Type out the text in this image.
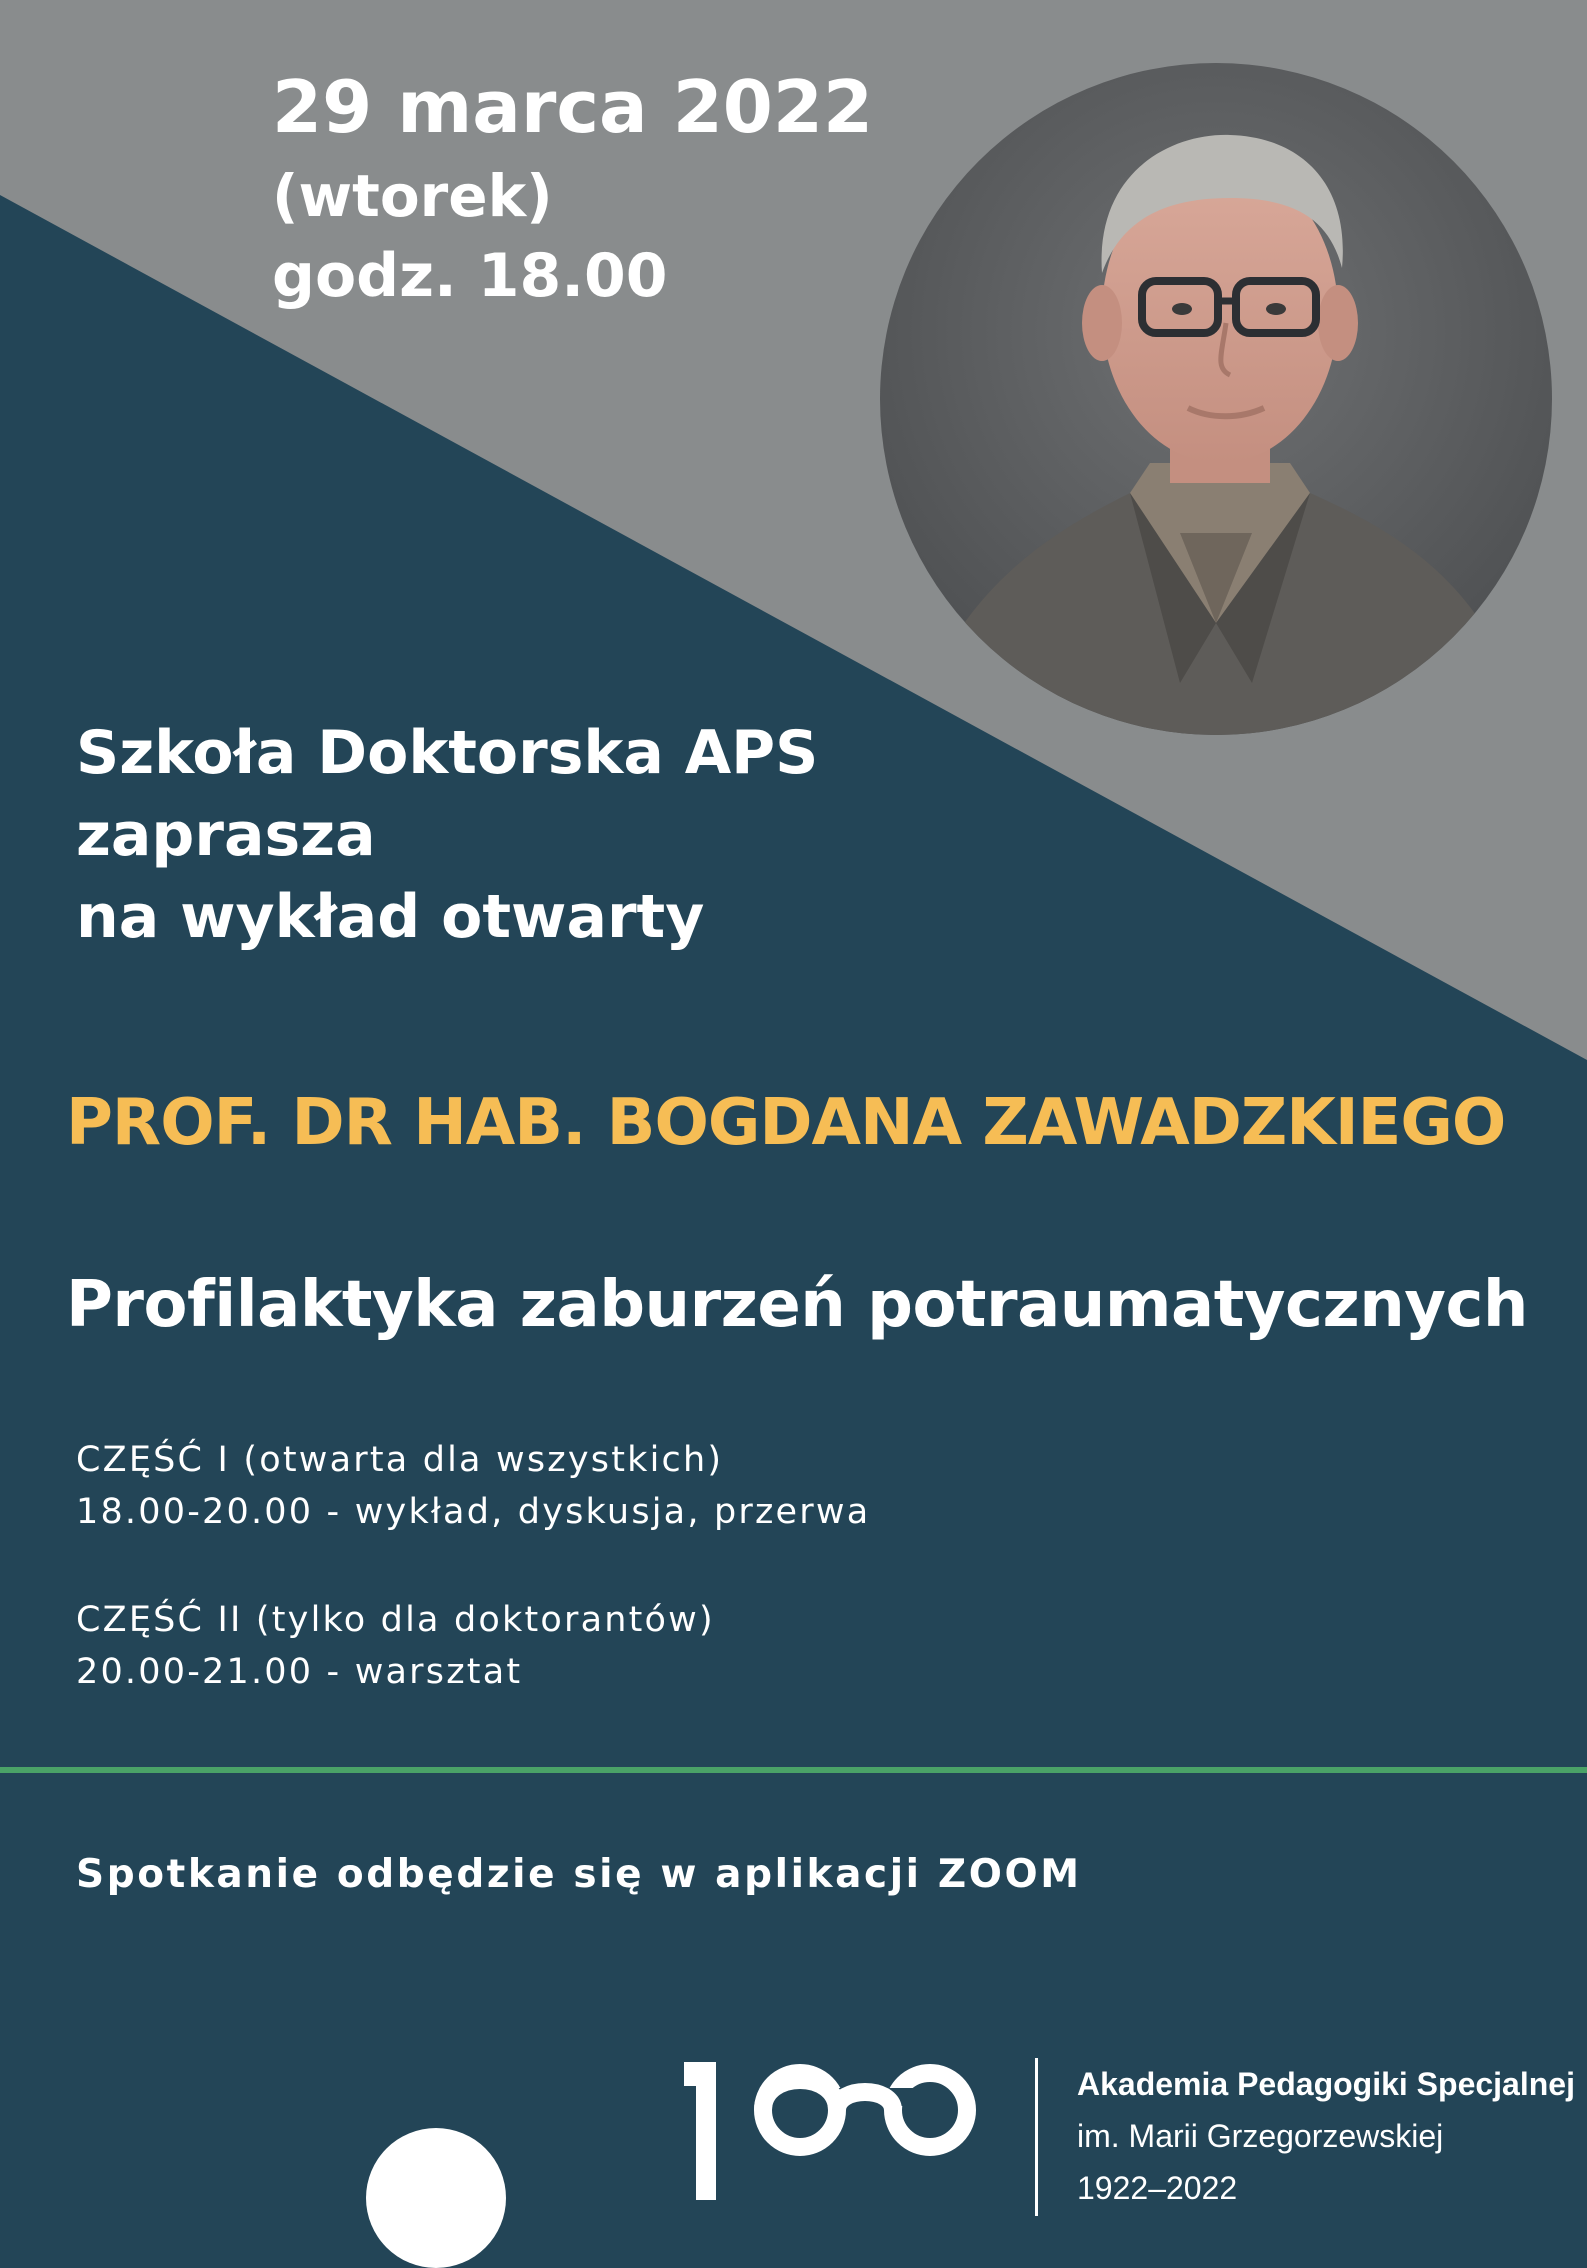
29 marca 2022
(wtorek)
godz. 18.00
Szkoła Doktorska APS
zaprasza
na wykład otwarty
PROF. DR HAB. BOGDANA ZAWADZKIEGO
Profilaktyka zaburzeń potraumatycznych
CZĘŚĆ I (otwarta dla wszystkich)
18.00-20.00 - wykład, dyskusja, przerwa
CZĘŚĆ II (tylko dla doktorantów)
20.00-21.00 - warsztat
Spotkanie odbędzie się w aplikacji ZOOM
Akademia Pedagogiki Specjalnej
im. Marii Grzegorzewskiej
1922–2022
